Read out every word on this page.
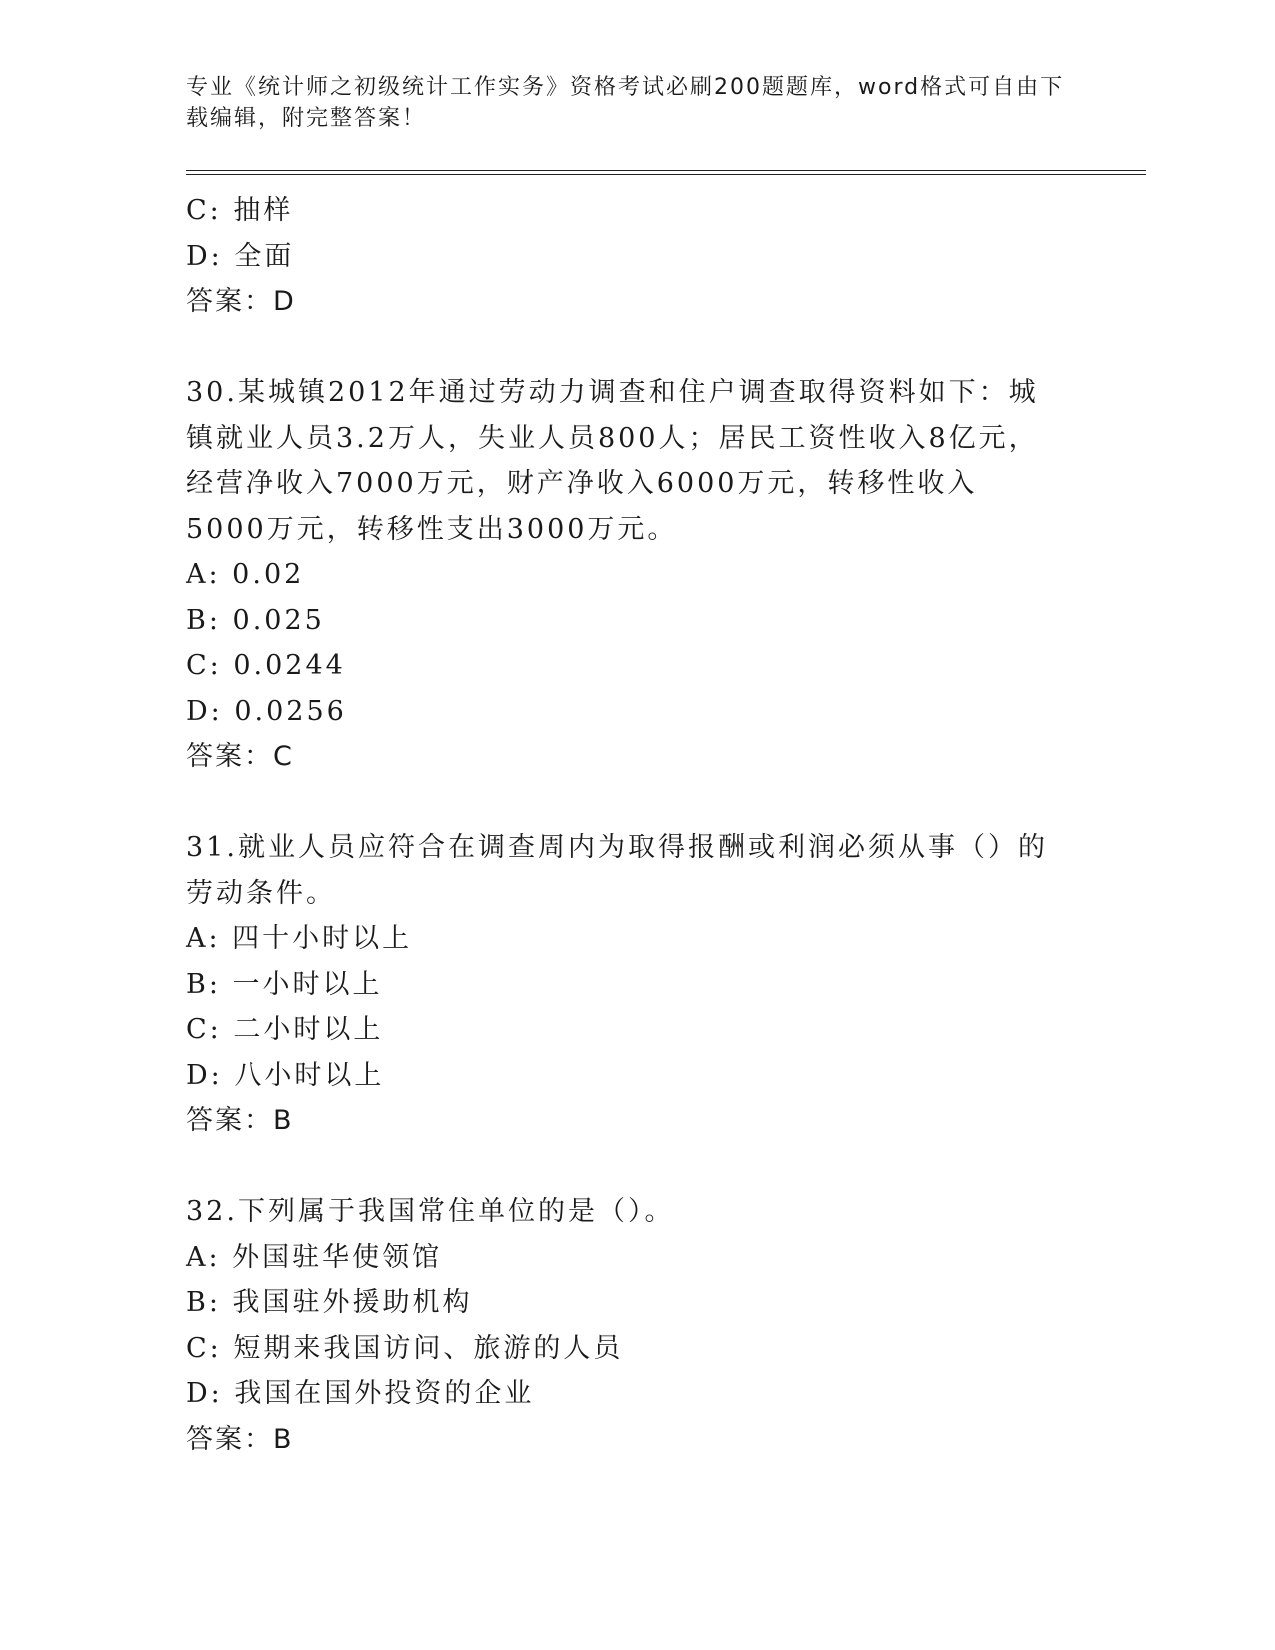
专业《统计师之初级统计工作实务》资格考试必刷200题题库，word格式可自由下载编辑，附完整答案！
C: 抽样
D: 全面
答案：D
30.某城镇2012年通过劳动力调查和住户调查取得资料如下：城镇就业人员3.2万人，失业人员800人；居民工资性收入8亿元，经营净收入7000万元，财产净收入6000万元，转移性收入5000万元，转移性支出3000万元。
A: 0.02
B: 0.025
C: 0.0244
D: 0.0256
答案：C
31.就业人员应符合在调查周内为取得报酬或利润必须从事（）的劳动条件。
A: 四十小时以上
B: 一小时以上
C: 二小时以上
D: 八小时以上
答案：B
32.下列属于我国常住单位的是（）。
A: 外国驻华使领馆
B: 我国驻外援助机构
C: 短期来我国访问、旅游的人员
D: 我国在国外投资的企业
答案：B
